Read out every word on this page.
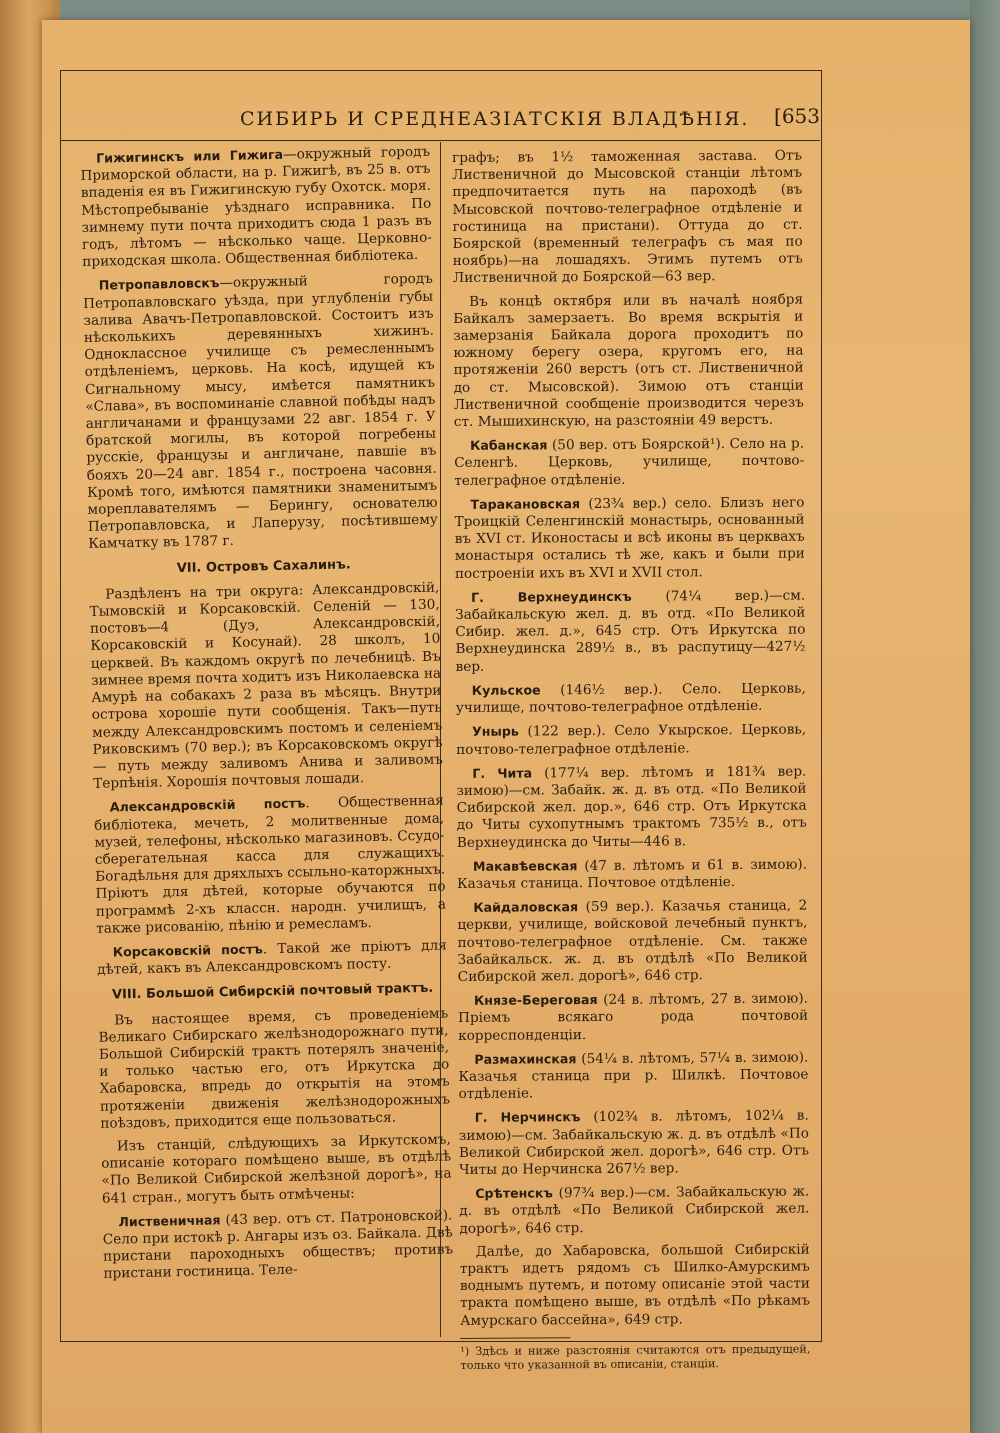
СИБИРЬ И СРЕДНЕАЗІАТСКІЯ ВЛАДѢНІЯ. [653

Гижигинскъ или Гижига—окружный городъ Приморской области, на р. Гижигѣ, въ 25 в. отъ впаденія ея въ Гижигинскую губу Охотск. моря. Мѣстопребываніе уѣзднаго исправника. По зимнему пути почта приходитъ сюда 1 разъ въ годъ, лѣтомъ — нѣсколько чаще. Церковно-приходская школа. Общественная библіотека.

Петропавловскъ—окружный городъ Петропавловскаго уѣзда, при углубленіи губы залива Авачъ-Петропавловской. Состоитъ изъ нѣсколькихъ деревянныхъ хижинъ. Одноклассное училище съ ремесленнымъ отдѣленіемъ, церковь. На косѣ, идущей къ Сигнальному мысу, имѣется памятникъ «Слава», въ воспоминаніе славной побѣды надъ англичанами и французами 22 авг. 1854 г. У братской могилы, въ которой погребены русскіе, французы и англичане, павшіе въ бояхъ 20—24 авг. 1854 г., построена часовня. Кромѣ того, имѣются памятники знаменитымъ мореплавателямъ — Берингу, основателю Петропавловска, и Лаперузу, посѣтившему Камчатку въ 1787 г.

VII. Островъ Сахалинъ.

Раздѣленъ на три округа: Александровскій, Тымовскій и Корсаковскій. Селеній — 130, постовъ—4 (Дуэ, Александровскій, Корсаковскій и Косунай). 28 школъ, 10 церквей. Въ каждомъ округѣ по лечебницѣ. Въ зимнее время почта ходитъ изъ Николаевска на Амурѣ на собакахъ 2 раза въ мѣсяцъ. Внутри острова хорошіе пути сообщенія. Такъ—путь между Александровскимъ постомъ и селеніемъ Риковскимъ (70 вер.); въ Корсаковскомъ округѣ — путь между заливомъ Анива и заливомъ Терпѣнія. Хорошія почтовыя лошади.

Александровскій постъ. Общественная библіотека, мечеть, 2 молитвенные дома, музей, телефоны, нѣсколько магазиновъ. Ссудо-сберегательная касса для служащихъ. Богадѣльня для дряхлыхъ ссыльно-каторжныхъ. Пріютъ для дѣтей, которые обучаются по программѣ 2-хъ классн. народн. училищъ, а также рисованію, пѣнію и ремесламъ.

Корсаковскій постъ. Такой же пріютъ для дѣтей, какъ въ Александровскомъ посту.

VIII. Большой Сибирскій почтовый трактъ.

Въ настоящее время, съ проведеніемъ Великаго Сибирскаго желѣзнодорожнаго пути, Большой Сибирскій трактъ потерялъ значеніе, и только частью его, отъ Иркутска до Хабаровска, впредь до открытія на этомъ протяженіи движенія желѣзнодорожныхъ поѣздовъ, приходится еще пользоваться.

Изъ станцій, слѣдующихъ за Иркутскомъ, описаніе котораго помѣщено выше, въ отдѣлѣ «По Великой Сибирской желѣзной дорогѣ», на 641 стран., могутъ быть отмѣчены:

Лиственичная (43 вер. отъ ст. Патроновской). Село при истокѣ р. Ангары изъ оз. Байкала. Двѣ пристани пароходныхъ обществъ; противъ пристани гостиница. Теле-

графъ; въ 1½ таможенная застава. Отъ Лиственичной до Мысовской станціи лѣтомъ предпочитается путь на пароходѣ (въ Мысовской почтово-телеграфное отдѣленіе и гостиница на пристани). Оттуда до ст. Боярской (временный телеграфъ съ мая по ноябрь)—на лошадяхъ. Этимъ путемъ отъ Лиственичной до Боярской—63 вер.

Въ концѣ октября или въ началѣ ноября Байкалъ замерзаетъ. Во время вскрытія и замерзанія Байкала дорога проходитъ по южному берегу озера, кругомъ его, на протяженіи 260 верстъ (отъ ст. Лиственичной до ст. Мысовской). Зимою отъ станціи Лиственичной сообщеніе производится черезъ ст. Мышихинскую, на разстояніи 49 верстъ.

Кабанская (50 вер. отъ Боярской¹). Село на р. Селенгѣ. Церковь, училище, почтово-телеграфное отдѣленіе.

Таракановская (23¾ вер.) село. Близъ него Троицкій Селенгинскій монастырь, основанный въ XVI ст. Иконостасы и всѣ иконы въ церквахъ монастыря остались тѣ же, какъ и были при построеніи ихъ въ XVI и XVII стол.

Г. Верхнеудинскъ (74¼ вер.)—см. Забайкальскую жел. д. въ отд. «По Великой Сибир. жел. д.», 645 стр. Отъ Иркутска по Верхнеудинска 289½ в., въ распутицу—427½ вер.

Кульское (146½ вер.). Село. Церковь, училище, почтово-телеграфное отдѣленіе.

Унырь (122 вер.). Село Укырское. Церковь, почтово-телеграфное отдѣленіе.

Г. Чита (177¼ вер. лѣтомъ и 181¾ вер. зимою)—см. Забайк. ж. д. въ отд. «По Великой Сибирской жел. дор.», 646 стр. Отъ Иркутска до Читы сухопутнымъ трактомъ 735½ в., отъ Верхнеудинска до Читы—446 в.

Макавѣевская (47 в. лѣтомъ и 61 в. зимою). Казачья станица. Почтовое отдѣленіе.

Кайдаловская (59 вер.). Казачья станица, 2 церкви, училище, войсковой лечебный пунктъ, почтово-телеграфное отдѣленіе. См. также Забайкальск. ж. д. въ отдѣлѣ «По Великой Сибирской жел. дорогѣ», 646 стр.

Князе-Береговая (24 в. лѣтомъ, 27 в. зимою). Пріемъ всякаго рода почтовой корреспонденціи.

Размахинская (54¼ в. лѣтомъ, 57¼ в. зимою). Казачья станица при р. Шилкѣ. Почтовое отдѣленіе.

Г. Нерчинскъ (102¾ в. лѣтомъ, 102¼ в. зимою)—см. Забайкальскую ж. д. въ отдѣлѣ «По Великой Сибирской жел. дорогѣ», 646 стр. Отъ Читы до Нерчинска 267½ вер.

Срѣтенскъ (97¾ вер.)—см. Забайкальскую ж. д. въ отдѣлѣ «По Великой Сибирской жел. дорогѣ», 646 стр.

Далѣе, до Хабаровска, большой Сибирскій трактъ идетъ рядомъ съ Шилко-Амурскимъ воднымъ путемъ, и потому описаніе этой части тракта помѣщено выше, въ отдѣлѣ «По рѣкамъ Амурскаго бассейна», 649 стр.

¹) Здѣсь и ниже разстоянія считаются отъ предыдущей, только что указанной въ описаніи, станціи.
